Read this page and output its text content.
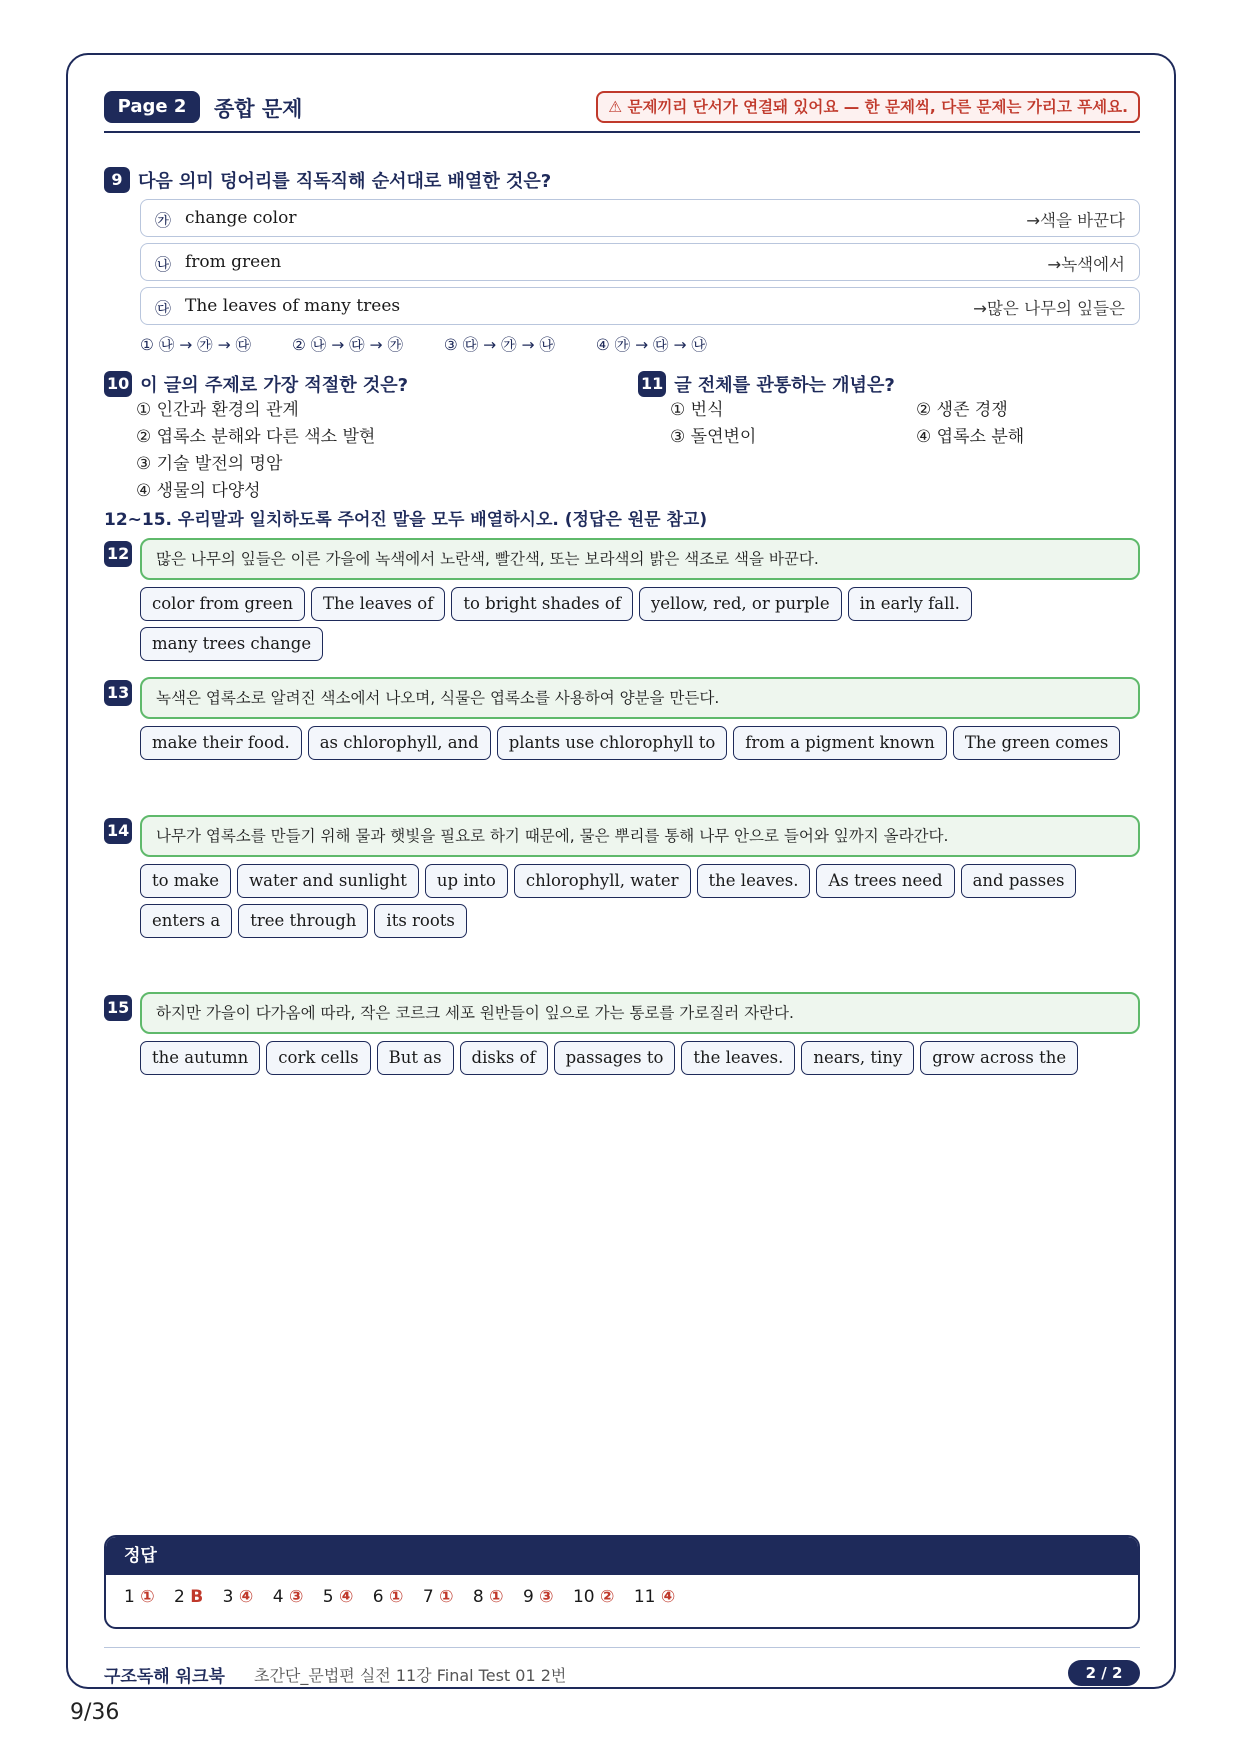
Page 2	종합 문제	⚠ 문제끼리 단서가 연결돼 있어요 — 한 문제씩, 다른 문제는 가리고 푸세요.
9 다음 의미 덩어리를 직독직해 순서대로 배열한 것은?
㉮ change color	→색을 바꾼다
㉯ from green	→녹색에서
㉰ The leaves of many trees	→많은 나무의 잎들은
① ㉯ → ㉮ → ㉰	② ㉯ → ㉰ → ㉮	③ ㉰ → ㉮ → ㉯	④ ㉮ → ㉰ → ㉯
10 이 글의 주제로 가장 적절한 것은?
① 인간과 환경의 관계
② 엽록소 분해와 다른 색소 발현
③ 기술 발전의 명암
④ 생물의 다양성
11 글 전체를 관통하는 개념은?
① 번식
③ 돌연변이
② 생존 경쟁
④ 엽록소 분해
12~15. 우리말과 일치하도록 주어진 말을 모두 배열하시오. (정답은 원문 참고)
12	많은 나무의 잎들은 이른 가을에 녹색에서 노란색, 빨간색, 또는 보라색의 밝은 색조로 색을 바꾼다.
color from green	The leaves of	to bright shades of	yellow, red, or purple	in early fall.
many trees change
13	녹색은 엽록소로 알려진 색소에서 나오며, 식물은 엽록소를 사용하여 양분을 만든다.
make their food.	as chlorophyll, and	plants use chlorophyll to	from a pigment known	The green comes
14	나무가 엽록소를 만들기 위해 물과 햇빛을 필요로 하기 때문에, 물은 뿌리를 통해 나무 안으로 들어와 잎까지 올라간다.
to make	water and sunlight	up into	chlorophyll, water	the leaves.	As trees need	and passes
enters a	tree through	its roots
15	하지만 가을이 다가옴에 따라, 작은 코르크 세포 원반들이 잎으로 가는 통로를 가로질러 자란다.
the autumn	cork cells	But as	disks of	passages to	the leaves.	nears, tiny	grow across the
정답
1 ① 2 B 3 ④ 4 ③ 5 ④ 6 ① 7 ① 8 ① 9 ③ 10 ② 11 ④
구조독해 워크북 초간단_문법편 실전 11강 Final Test 01 2번	2 / 2
9/36
